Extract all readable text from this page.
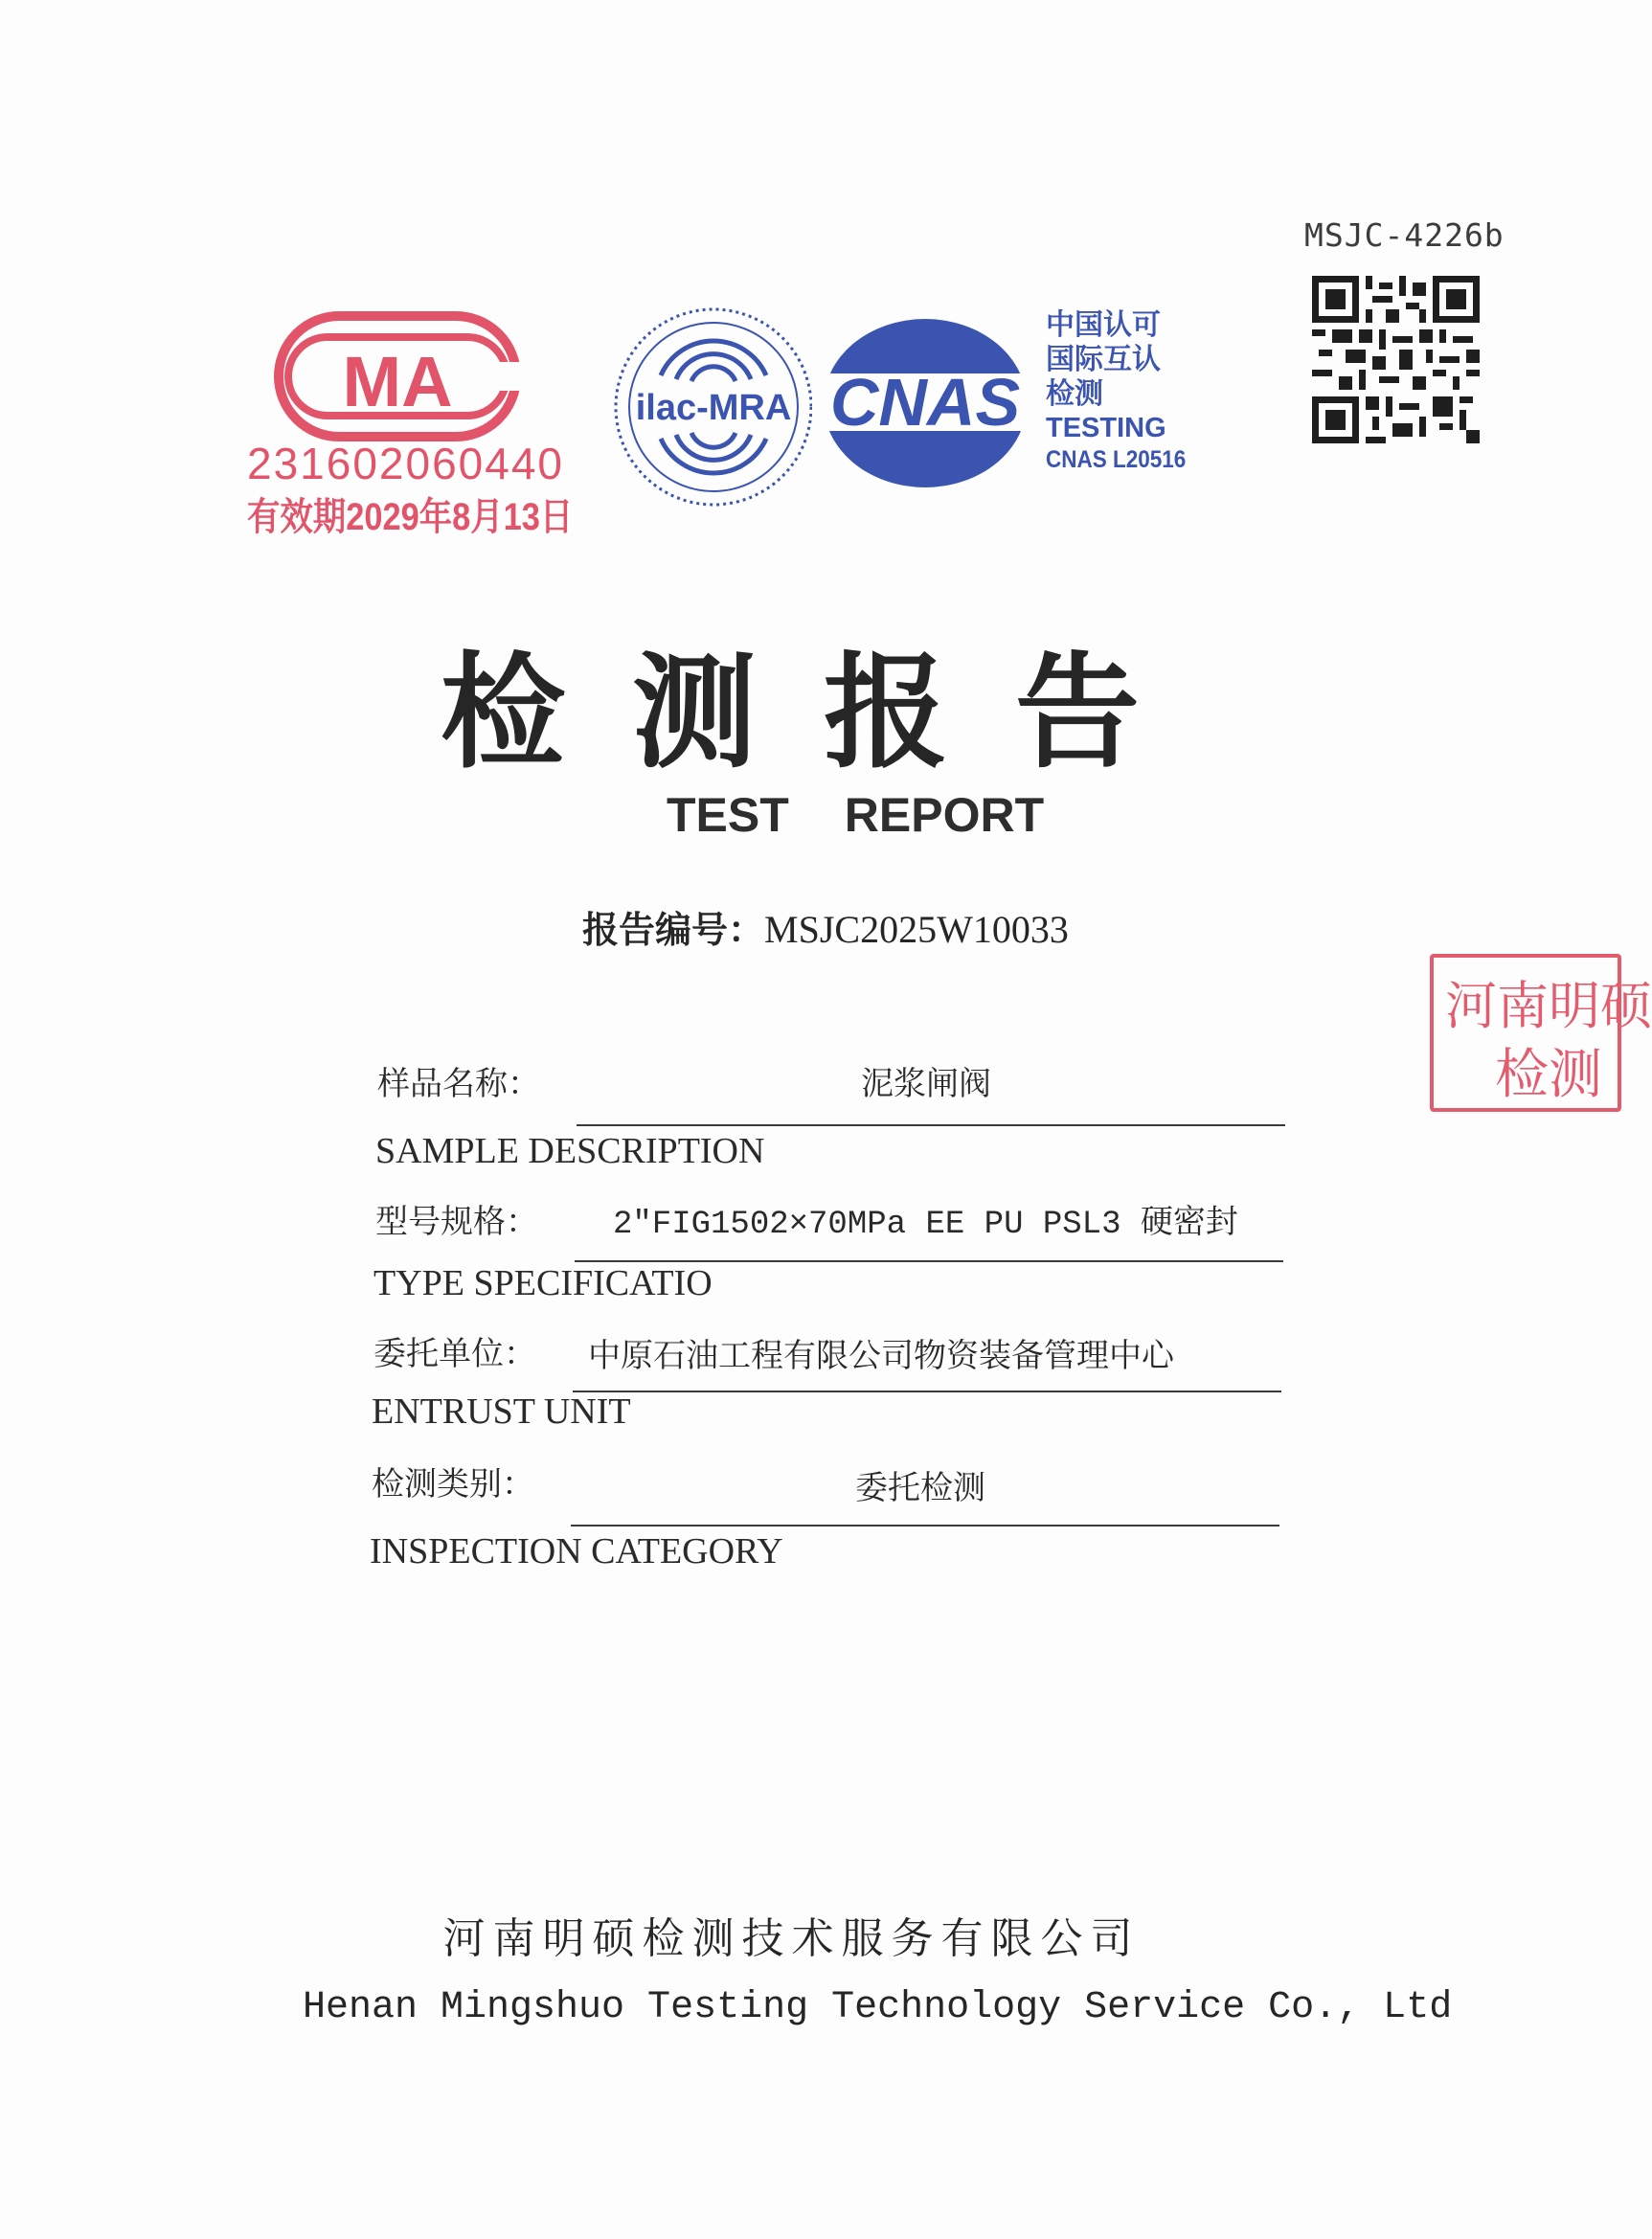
MSJC-4226b
MA
231602060440
有效期2029年8月13日
ilac-MRA CNAS
中国认可
国际互认
检测
TESTING
CNAS L20516
河南明硕
检测
检测报告
TEST REPORT
报告编号：MSJC2025W10033
样品名称：	泥浆闸阀
SAMPLE DESCRIPTION
型号规格： 2″FIG1502×70MPa EE PU PSL3 硬密封
TYPE SPECIFICATIO
委托单位： 中原石油工程有限公司物资装备管理中心
ENTRUST UNIT
检测类别：	委托检测
INSPECTION CATEGORY
河南明硕检测技术服务有限公司
Henan Mingshuo Testing Technology Service Co., Ltd
